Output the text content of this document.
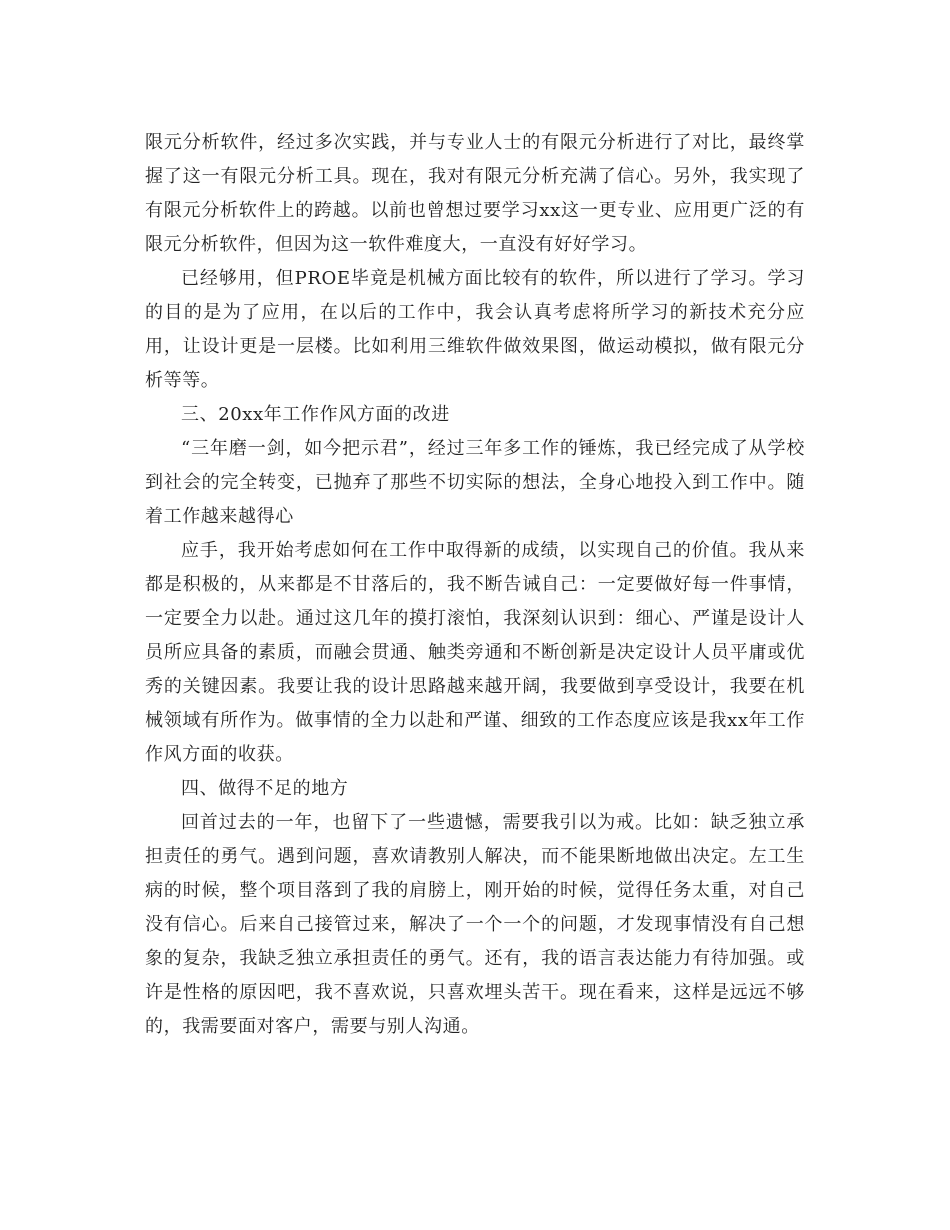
限元分析软件，经过多次实践，并与专业人士的有限元分析进行了对比，最终掌握了这一有限元分析工具。现在，我对有限元分析充满了信心。另外，我实现了有限元分析软件上的跨越。以前也曾想过要学习xx这一更专业、应用更广泛的有限元分析软件，但因为这一软件难度大，一直没有好好学习。

已经够用，但PROE毕竟是机械方面比较有的软件，所以进行了学习。学习的目的是为了应用，在以后的工作中，我会认真考虑将所学习的新技术充分应用，让设计更是一层楼。比如利用三维软件做效果图，做运动模拟，做有限元分析等等。

三、20xx年工作作风方面的改进

“三年磨一剑，如今把示君”，经过三年多工作的锤炼，我已经完成了从学校到社会的完全转变，已抛弃了那些不切实际的想法，全身心地投入到工作中。随着工作越来越得心

应手，我开始考虑如何在工作中取得新的成绩，以实现自己的价值。我从来都是积极的，从来都是不甘落后的，我不断告诫自己：一定要做好每一件事情，一定要全力以赴。通过这几年的摸打滚怕，我深刻认识到：细心、严谨是设计人员所应具备的素质，而融会贯通、触类旁通和不断创新是决定设计人员平庸或优秀的关键因素。我要让我的设计思路越来越开阔，我要做到享受设计，我要在机械领域有所作为。做事情的全力以赴和严谨、细致的工作态度应该是我xx年工作作风方面的收获。

四、做得不足的地方

回首过去的一年，也留下了一些遗憾，需要我引以为戒。比如：缺乏独立承担责任的勇气。遇到问题，喜欢请教别人解决，而不能果断地做出决定。左工生病的时候，整个项目落到了我的肩膀上，刚开始的时候，觉得任务太重，对自己没有信心。后来自己接管过来，解决了一个一个的问题，才发现事情没有自己想象的复杂，我缺乏独立承担责任的勇气。还有，我的语言表达能力有待加强。或许是性格的原因吧，我不喜欢说，只喜欢埋头苦干。现在看来，这样是远远不够的，我需要面对客户，需要与别人沟通。
